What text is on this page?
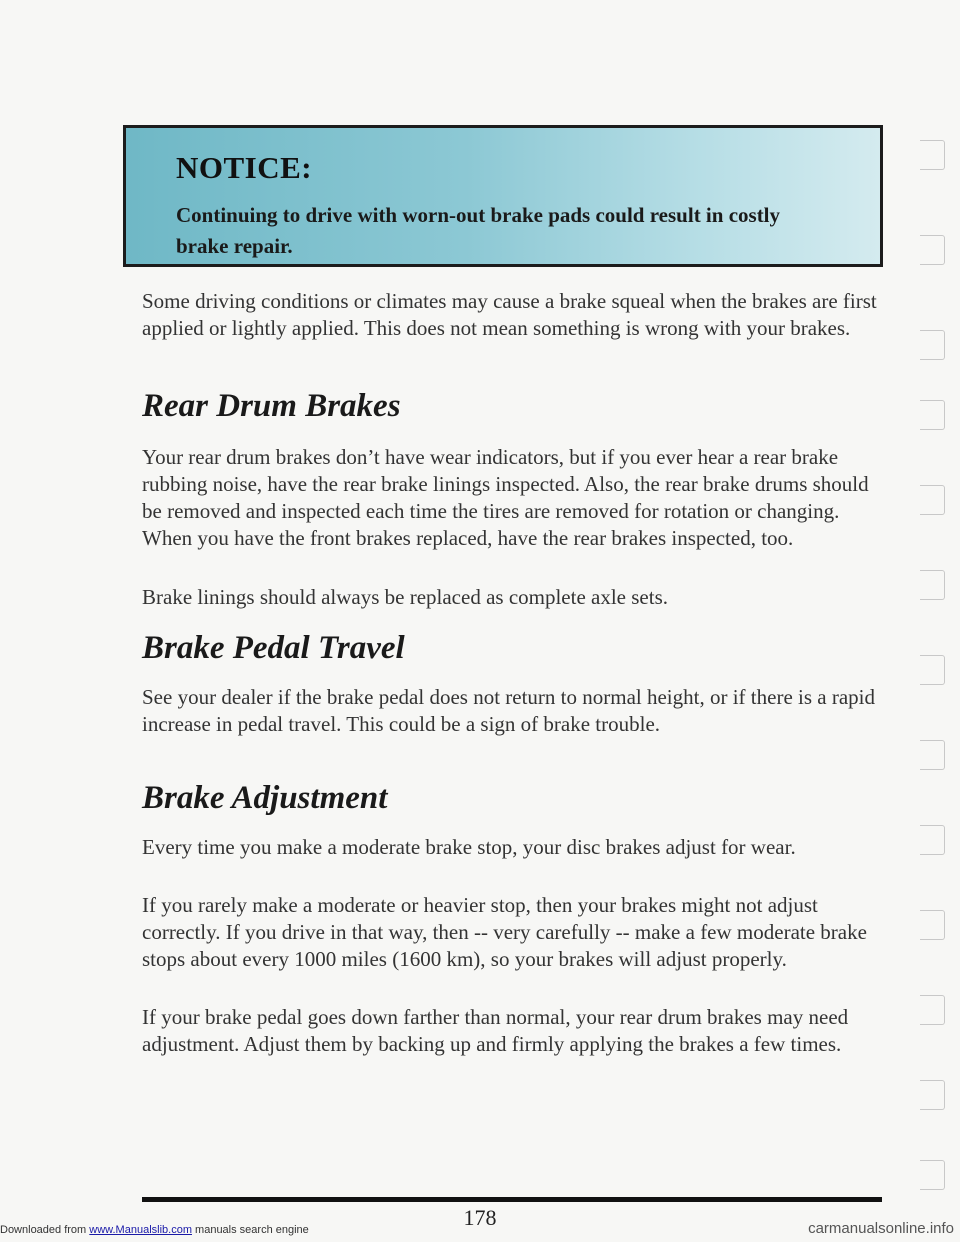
NOTICE:
Continuing to drive with worn-out brake pads could result in costly brake repair.
Some driving conditions or climates may cause a brake squeal when the brakes are first applied or lightly applied. This does not mean something is wrong with your brakes.
Rear Drum Brakes
Your rear drum brakes don’t have wear indicators, but if you ever hear a rear brake rubbing noise, have the rear brake linings inspected. Also, the rear brake drums should be removed and inspected each time the tires are removed for rotation or changing. When you have the front brakes replaced, have the rear brakes inspected, too.
Brake linings should always be replaced as complete axle sets.
Brake Pedal Travel
See your dealer if the brake pedal does not return to normal height, or if there is a rapid increase in pedal travel. This could be a sign of brake trouble.
Brake Adjustment
Every time you make a moderate brake stop, your disc brakes adjust for wear.
If you rarely make a moderate or heavier stop, then your brakes might not adjust correctly. If you drive in that way, then -- very carefully -- make a few moderate brake stops about every 1000 miles (1600 km), so your brakes will adjust properly.
If your brake pedal goes down farther than normal, your rear drum brakes may need adjustment. Adjust them by backing up and firmly applying the brakes a few times.
178
Downloaded from www.Manualslib.com manuals search engine	carmanualsonline.info
